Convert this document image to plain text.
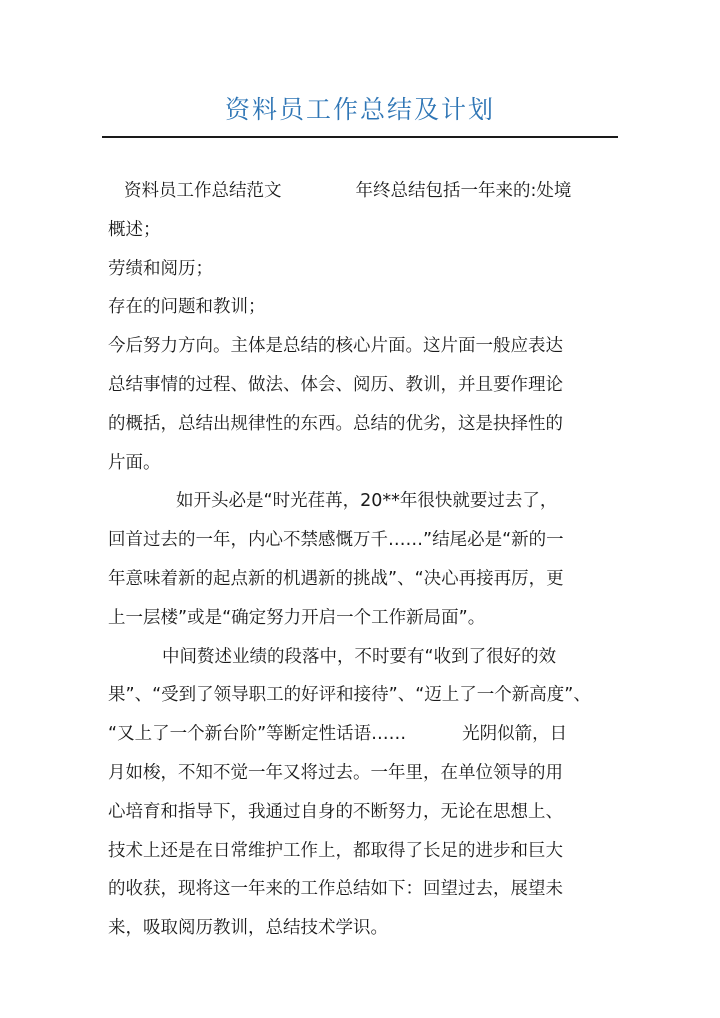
资料员工作总结及计划
资料员工作总结范文	年终总结包括一年来的:处境
概述；
劳绩和阅历；
存在的问题和教训；
今后努力方向。主体是总结的核心片面。这片面一般应表达
总结事情的过程、做法、体会、阅历、教训，并且要作理论
的概括，总结出规律性的东西。总结的优劣，这是抉择性的
片面。
如开头必是“时光荏苒，20**年很快就要过去了，
回首过去的一年，内心不禁感慨万千……”结尾必是“新的一
年意味着新的起点新的机遇新的挑战”、“决心再接再厉，更
上一层楼”或是“确定努力开启一个工作新局面”。
中间赘述业绩的段落中，不时要有“收到了很好的效
果”、“受到了领导职工的好评和接待”、“迈上了一个新高度”、
“又上了一个新台阶”等断定性话语……	光阴似箭，日
月如梭，不知不觉一年又将过去。一年里，在单位领导的用
心培育和指导下，我通过自身的不断努力，无论在思想上、
技术上还是在日常维护工作上，都取得了长足的进步和巨大
的收获，现将这一年来的工作总结如下：回望过去，展望未
来，吸取阅历教训，总结技术学识。
